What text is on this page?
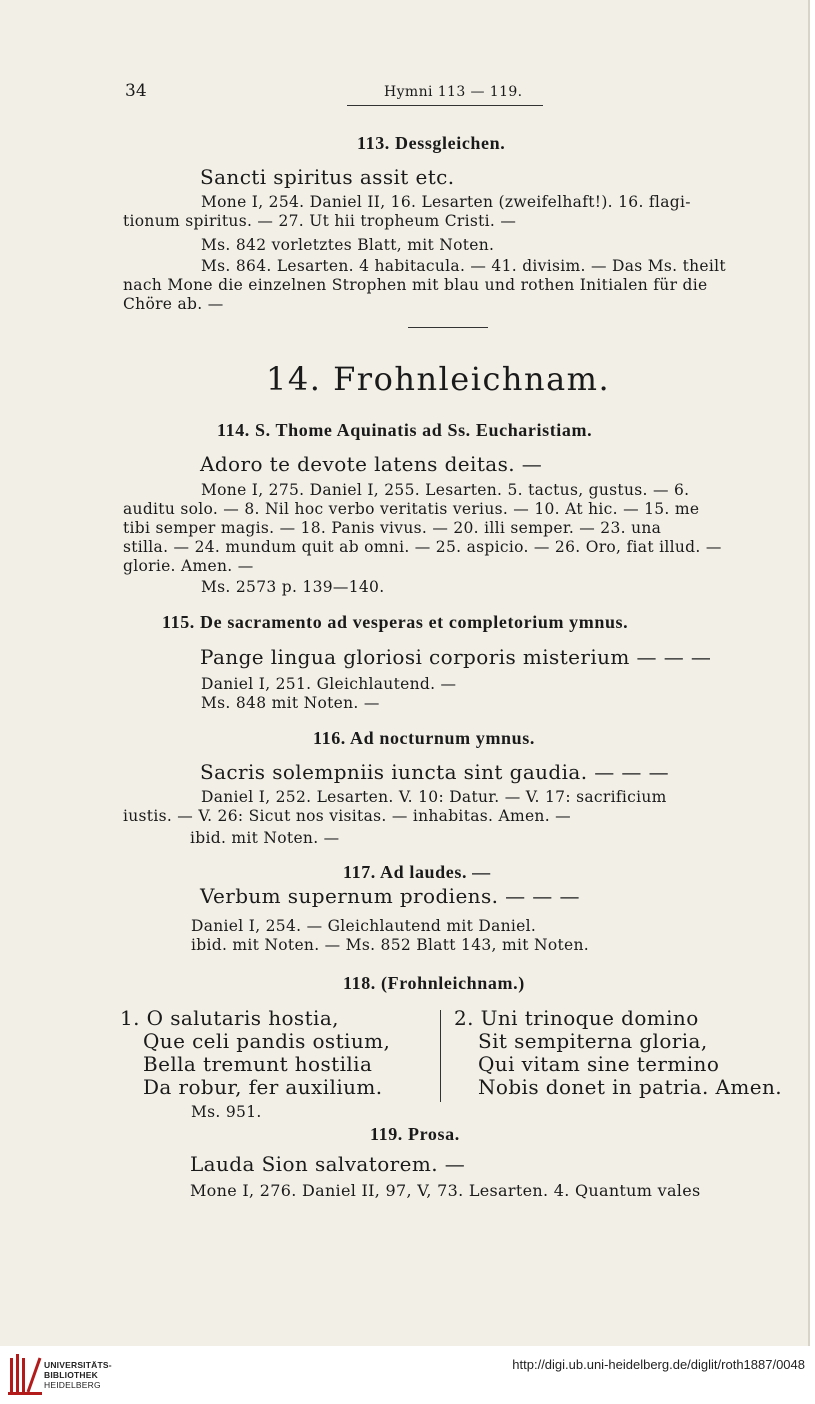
34	Hymni 113 — 119.
113. Dessgleichen.
Sancti spiritus assit etc.
Mone I, 254. Daniel II, 16. Lesarten (zweifelhaft!). 16. flagi-
tionum spiritus. — 27. Ut hii tropheum Cristi. —
Ms. 842 vorletztes Blatt, mit Noten.
Ms. 864. Lesarten. 4 habitacula. — 41. divisim. — Das Ms. theilt
nach Mone die einzelnen Strophen mit blau und rothen Initialen für die
Chöre ab. —
14. Frohnleichnam.
114. S. Thome Aquinatis ad Ss. Eucharistiam.
Adoro te devote latens deitas. —
Mone I, 275. Daniel I, 255. Lesarten. 5. tactus, gustus. — 6.
auditu solo. — 8. Nil hoc verbo veritatis verius. — 10. At hic. — 15. me
tibi semper magis. — 18. Panis vivus. — 20. illi semper. — 23. una
stilla. — 24. mundum quit ab omni. — 25. aspicio. — 26. Oro, fiat illud. —
glorie. Amen. —
Ms. 2573 p. 139—140.
115. De sacramento ad vesperas et completorium ymnus.
Pange lingua gloriosi corporis misterium — — —
Daniel I, 251. Gleichlautend. —
Ms. 848 mit Noten. —
116. Ad nocturnum ymnus.
Sacris solempniis iuncta sint gaudia. — — —
Daniel I, 252. Lesarten. V. 10: Datur. — V. 17: sacrificium
iustis. — V. 26: Sicut nos visitas. — inhabitas. Amen. —
ibid. mit Noten. —
117. Ad laudes. —
Verbum supernum prodiens. — — —
Daniel I, 254. — Gleichlautend mit Daniel.
ibid. mit Noten. — Ms. 852 Blatt 143, mit Noten.
118. (Frohnleichnam.)
1. O salutaris hostia,
Que celi pandis ostium,
Bella tremunt hostilia
Da robur, fer auxilium.
2. Uni trinoque domino
Sit sempiterna gloria,
Qui vitam sine termino
Nobis donet in patria. Amen.
Ms. 951.
119. Prosa.
Lauda Sion salvatorem. —
Mone I, 276. Daniel II, 97, V, 73. Lesarten. 4. Quantum vales
UNIVERSITÄTS-
BIBLIOTHEK
HEIDELBERG
http://digi.ub.uni-heidelberg.de/diglit/roth1887/0048
